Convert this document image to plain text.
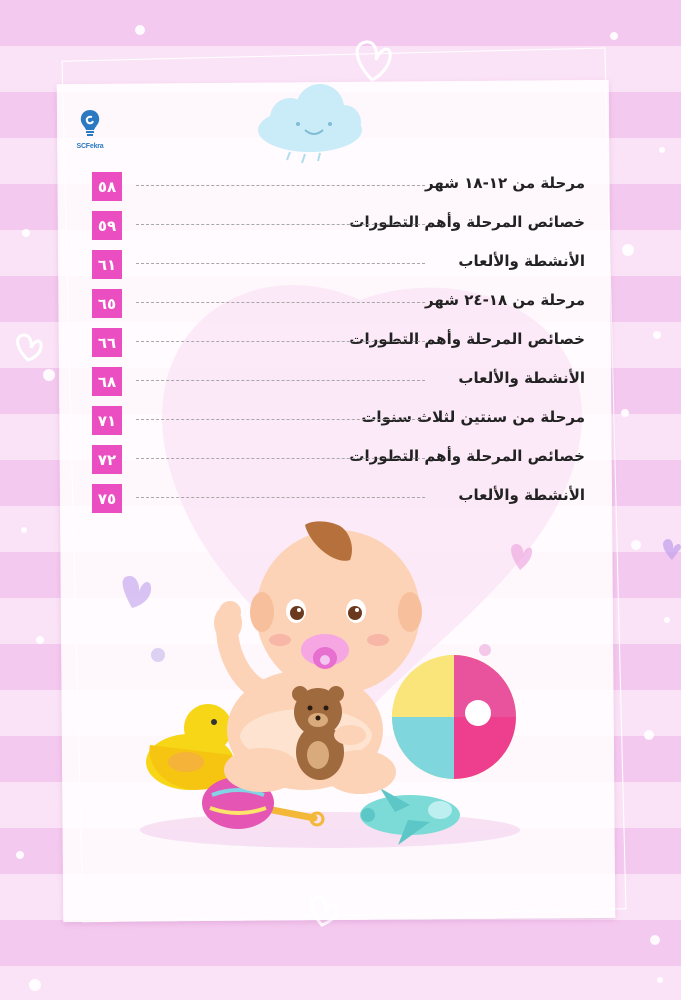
SCFekra
مرحلة من ١٢-١٨ شهر
٥٨
خصائص المرحلة وأهم التطورات
٥٩
الأنشطة والألعاب
٦١
مرحلة من ١٨-٢٤ شهر
٦٥
خصائص المرحلة وأهم التطورات
٦٦
الأنشطة والألعاب
٦٨
مرحلة من سنتين لثلاث سنوات
٧١
خصائص المرحلة وأهم التطورات
٧٢
الأنشطة والألعاب
٧٥
